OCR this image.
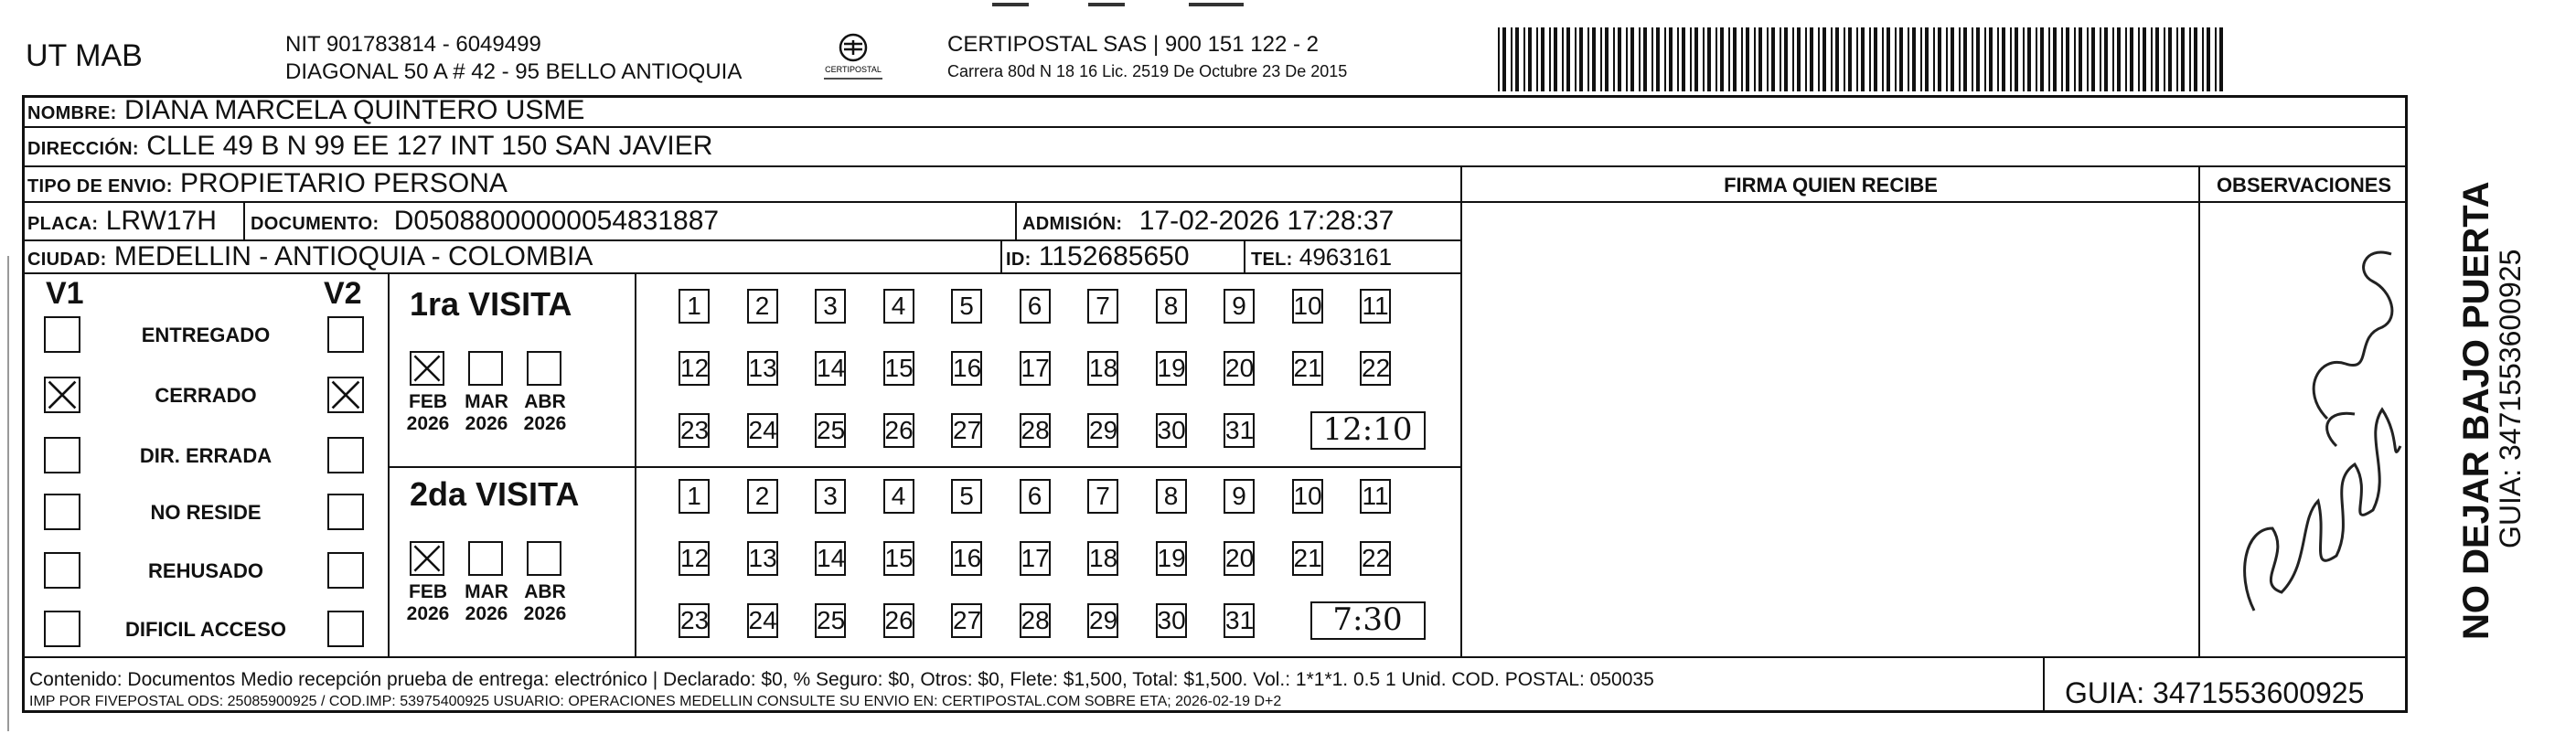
UT MAB	NIT 901783814 - 6049499
DIAGONAL 50 A # 42 - 95 BELLO ANTIOQUIA	CERTIPOSTAL
CERTIPOSTAL SAS | 900 151 122 - 2
Carrera 80d N 18 16 Lic. 2519 De Octubre 23 De 2015
NOMBRE: DIANA MARCELA QUINTERO USME
DIRECCIÓN: CLLE 49 B N 99 EE 127 INT 150 SAN JAVIER
TIPO DE ENVIO: PROPIETARIO PERSONA
PLACA: LRW17H DOCUMENTO: D05088000000054831887	ADMISIÓN: 17-02-2026 17:28:37
CIUDAD: MEDELLIN - ANTIOQUIA - COLOMBIA	ID: 1152685650	TEL: 4963161
FIRMA QUIEN RECIBE	OBSERVACIONES
V1	V2
ENTREGADO
CERRADO
DIR. ERRADA
NO RESIDE
REHUSADO
DIFICIL ACCESO
1ra VISITA
2da VISITA
FEB
2026
MAR
2026
ABR
2026
FEB
2026
MAR
2026
ABR
2026
1	2	3	4	5	6	7	8	9	10 11
12 13 14 15 16 17 18 19 20 21 22
23 24 25 26 27 28 29 30 31	12:10
1	2	3	4	5	6	7	8	9	10 11
12 13 14 15 16 17 18 19 20 21 22
23 24 25 26 27 28 29 30 31	7:30
Contenido: Documentos Medio recepción prueba de entrega: electrónico | Declarado: $0, % Seguro: $0, Otros: $0, Flete: $1,500, Total: $1,500. Vol.: 1*1*1. 0.5 1 Unid. COD. POSTAL: 050035
IMP POR FIVEPOSTAL ODS: 25085900925 / COD.IMP: 53975400925 USUARIO: OPERACIONES MEDELLIN CONSULTE SU ENVIO EN: CERTIPOSTAL.COM SOBRE ETA; 2026-02-19 D+2	GUIA: 3471553600925
NO DEJAR BAJO PUERTA
GUIA: 3471553600925
